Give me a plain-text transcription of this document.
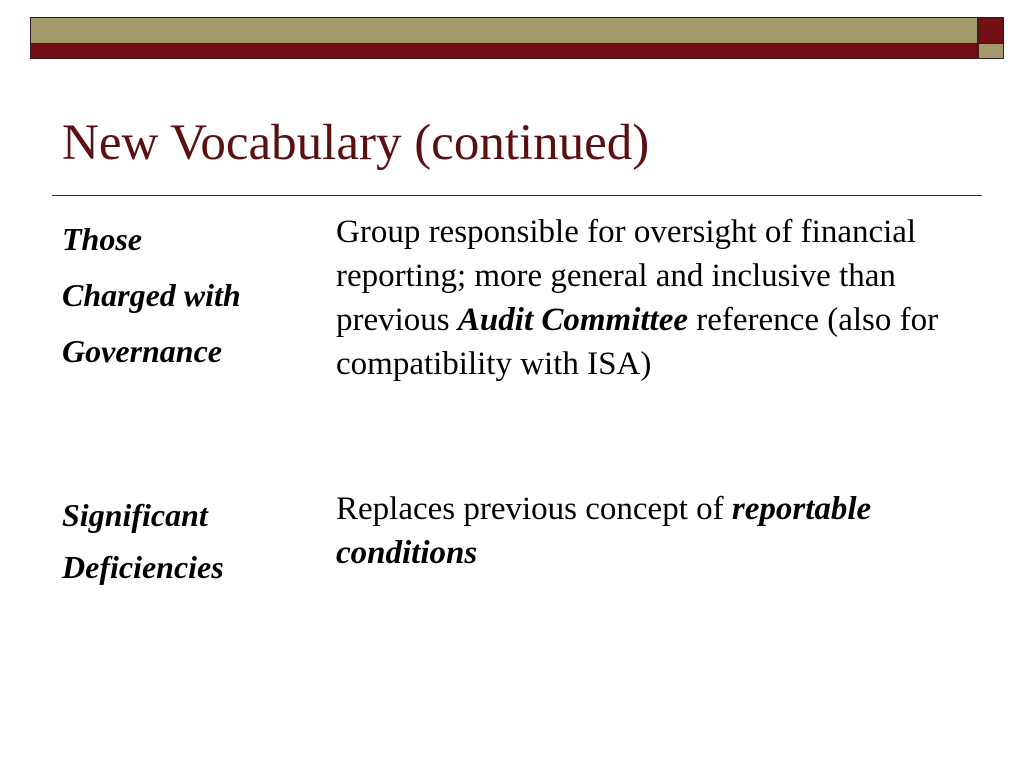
New Vocabulary (continued)
Those
Charged with
Governance
Group responsible for oversight of financial reporting; more general and inclusive than previous Audit Committee reference (also for compatibility with ISA)
Significant
Deficiencies
Replaces previous concept of reportable conditions
